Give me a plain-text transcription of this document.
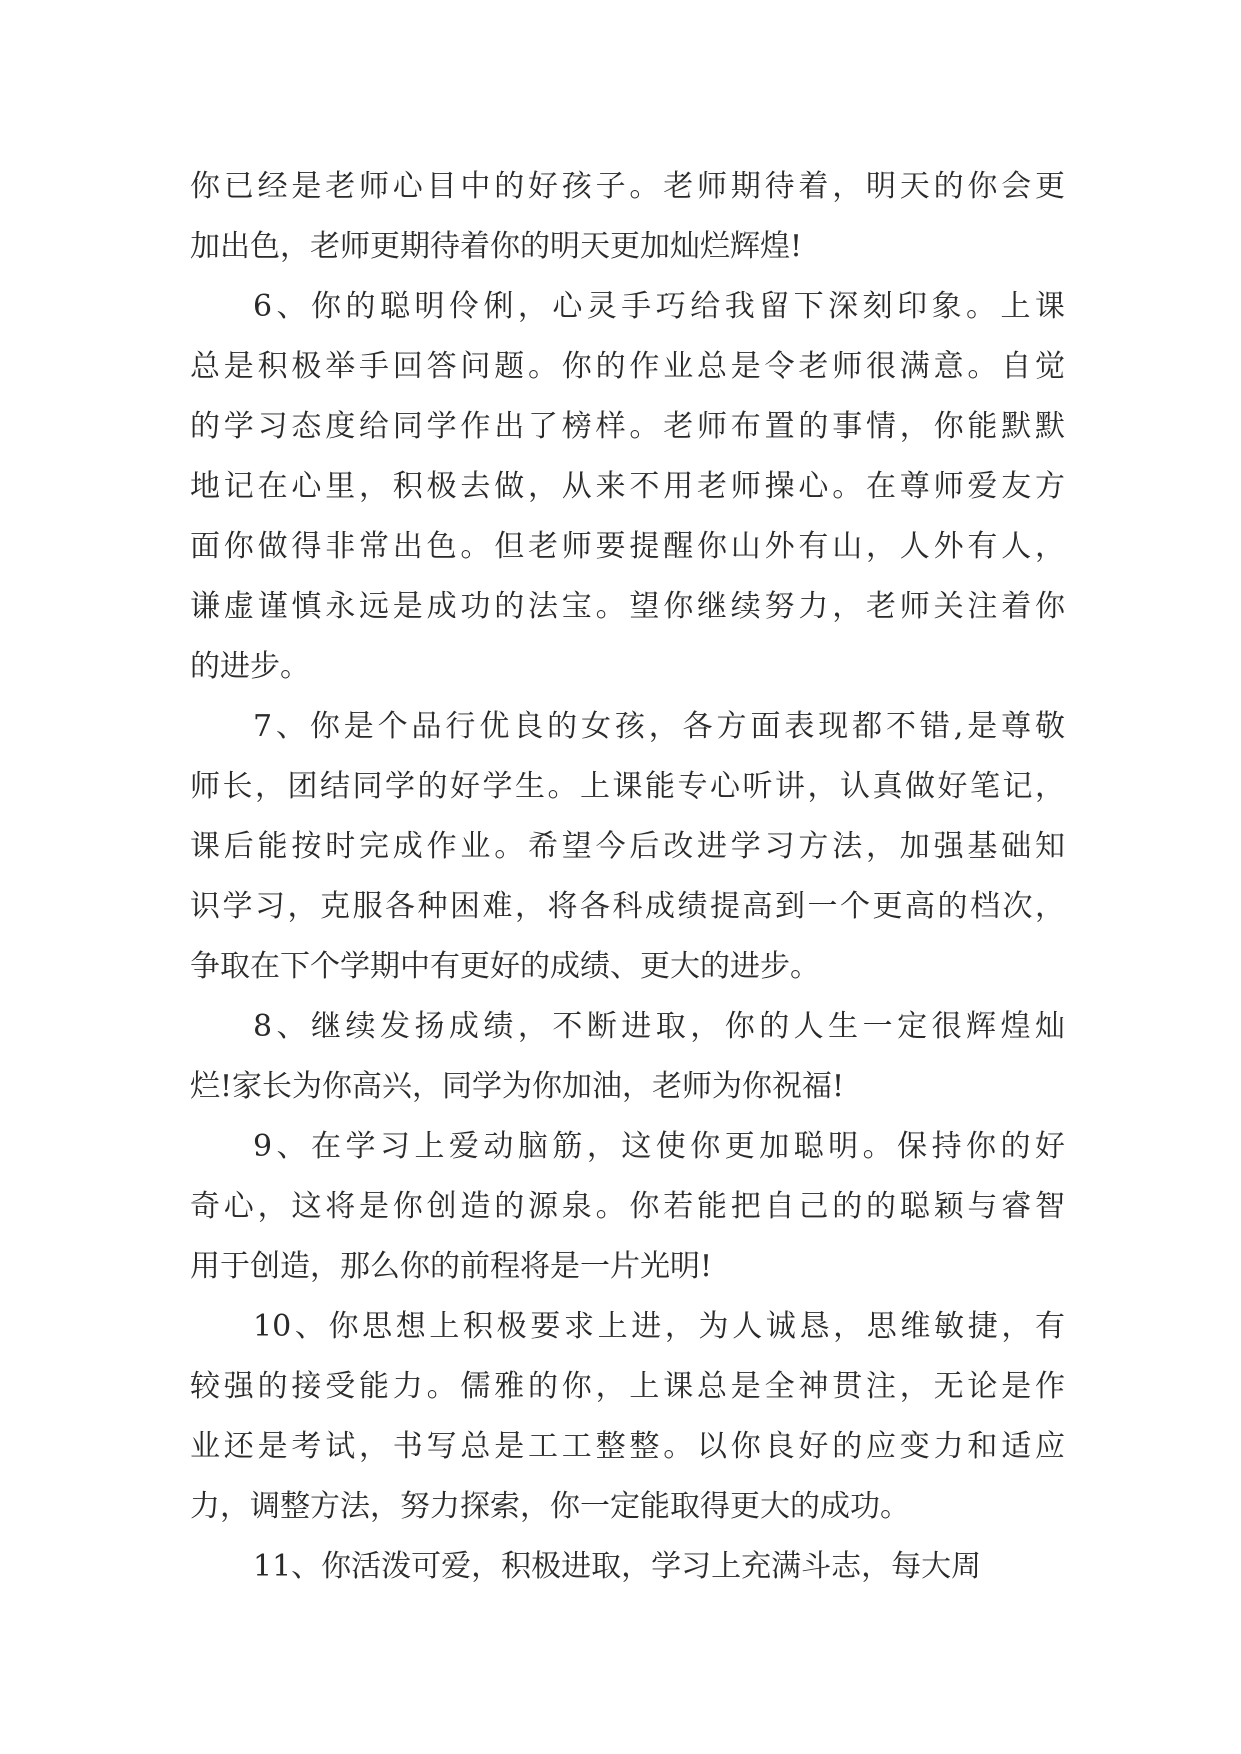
你已经是老师心目中的好孩子。老师期待着，明天的你会更
加出色，老师更期待着你的明天更加灿烂辉煌!
6、你的聪明伶俐，心灵手巧给我留下深刻印象。上课
总是积极举手回答问题。你的作业总是令老师很满意。自觉
的学习态度给同学作出了榜样。老师布置的事情，你能默默
地记在心里，积极去做，从来不用老师操心。在尊师爱友方
面你做得非常出色。但老师要提醒你山外有山，人外有人，
谦虚谨慎永远是成功的法宝。望你继续努力，老师关注着你
的进步。
7、你是个品行优良的女孩，各方面表现都不错,是尊敬
师长，团结同学的好学生。上课能专心听讲，认真做好笔记，
课后能按时完成作业。希望今后改进学习方法，加强基础知
识学习，克服各种困难，将各科成绩提高到一个更高的档次，
争取在下个学期中有更好的成绩、更大的进步。
8、继续发扬成绩，不断进取，你的人生一定很辉煌灿
烂!家长为你高兴，同学为你加油，老师为你祝福!
9、在学习上爱动脑筋，这使你更加聪明。保持你的好
奇心，这将是你创造的源泉。你若能把自己的的聪颖与睿智
用于创造，那么你的前程将是一片光明!
10、你思想上积极要求上进，为人诚恳，思维敏捷，有
较强的接受能力。儒雅的你，上课总是全神贯注，无论是作
业还是考试，书写总是工工整整。以你良好的应变力和适应
力，调整方法，努力探索，你一定能取得更大的成功。
11、你活泼可爱，积极进取，学习上充满斗志，每大周
